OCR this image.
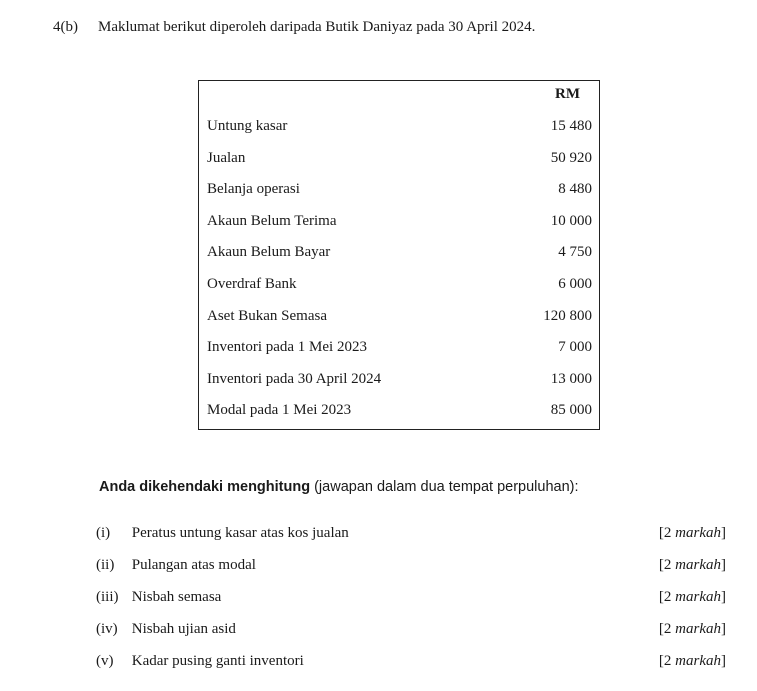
4(b) Maklumat berikut diperoleh daripada Butik Daniyaz pada 30 April 2024.
RM
Untung kasar	15 480
Jualan	50 920
Belanja operasi	8 480
Akaun Belum Terima	10 000
Akaun Belum Bayar	4 750
Overdraf Bank	6 000
Aset Bukan Semasa	120 800
Inventori pada 1 Mei 2023	7 000
Inventori pada 30 April 2024	13 000
Modal pada 1 Mei 2023	85 000
Anda dikehendaki menghitung (jawapan dalam dua tempat perpuluhan):
(i) Peratus untung kasar atas kos jualan	[2 markah]
(ii) Pulangan atas modal	[2 markah]
(iii) Nisbah semasa	[2 markah]
(iv) Nisbah ujian asid	[2 markah]
(v) Kadar pusing ganti inventori	[2 markah]
